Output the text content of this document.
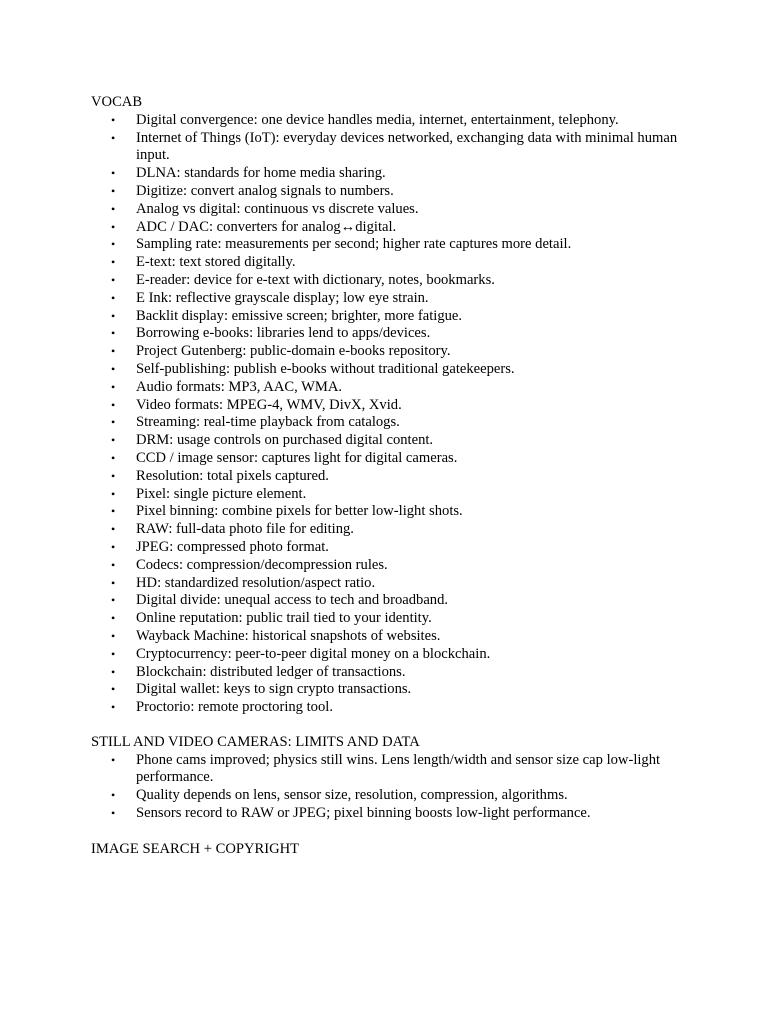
VOCAB
• Digital convergence: one device handles media, internet, entertainment, telephony.
• Internet of Things (IoT): everyday devices networked, exchanging data with minimal human input.
• DLNA: standards for home media sharing.
• Digitize: convert analog signals to numbers.
• Analog vs digital: continuous vs discrete values.
• ADC / DAC: converters for analog↔digital.
• Sampling rate: measurements per second; higher rate captures more detail.
• E-text: text stored digitally.
• E-reader: device for e-text with dictionary, notes, bookmarks.
• E Ink: reflective grayscale display; low eye strain.
• Backlit display: emissive screen; brighter, more fatigue.
• Borrowing e-books: libraries lend to apps/devices.
• Project Gutenberg: public-domain e-books repository.
• Self-publishing: publish e-books without traditional gatekeepers.
• Audio formats: MP3, AAC, WMA.
• Video formats: MPEG-4, WMV, DivX, Xvid.
• Streaming: real-time playback from catalogs.
• DRM: usage controls on purchased digital content.
• CCD / image sensor: captures light for digital cameras.
• Resolution: total pixels captured.
• Pixel: single picture element.
• Pixel binning: combine pixels for better low-light shots.
• RAW: full-data photo file for editing.
• JPEG: compressed photo format.
• Codecs: compression/decompression rules.
• HD: standardized resolution/aspect ratio.
• Digital divide: unequal access to tech and broadband.
• Online reputation: public trail tied to your identity.
• Wayback Machine: historical snapshots of websites.
• Cryptocurrency: peer-to-peer digital money on a blockchain.
• Blockchain: distributed ledger of transactions.
• Digital wallet: keys to sign crypto transactions.
• Proctorio: remote proctoring tool.
STILL AND VIDEO CAMERAS: LIMITS AND DATA
• Phone cams improved; physics still wins. Lens length/width and sensor size cap low-light performance.
• Quality depends on lens, sensor size, resolution, compression, algorithms.
• Sensors record to RAW or JPEG; pixel binning boosts low-light performance.
IMAGE SEARCH + COPYRIGHT
